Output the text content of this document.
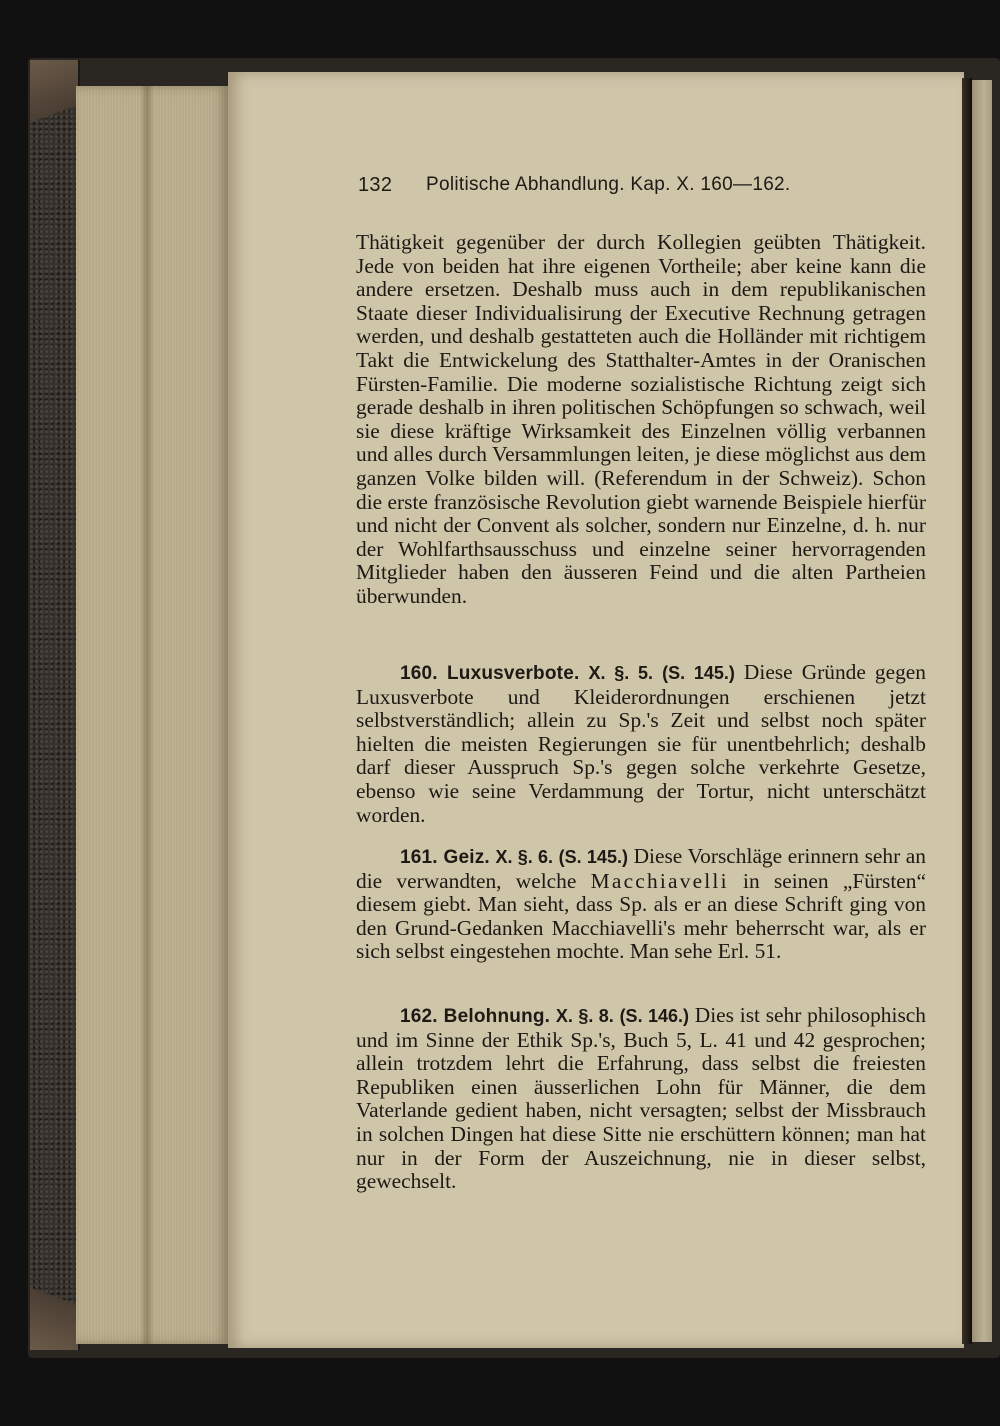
132 Politische Abhandlung. Kap. X. 160—162.
Thätigkeit gegenüber der durch Kollegien geübten Thätigkeit. Jede von beiden hat ihre eigenen Vortheile; aber keine kann die andere ersetzen. Deshalb muss auch in dem republikanischen Staate dieser Individualisirung der Executive Rechnung getragen werden, und deshalb gestatteten auch die Holländer mit richtigem Takt die Entwickelung des Statthalter-Amtes in der Oranischen Fürsten-Familie. Die moderne sozialistische Richtung zeigt sich gerade deshalb in ihren politischen Schöpfungen so schwach, weil sie diese kräftige Wirksamkeit des Einzelnen völlig verbannen und alles durch Versammlungen leiten, je diese möglichst aus dem ganzen Volke bilden will. (Referendum in der Schweiz). Schon die erste französische Revolution giebt warnende Beispiele hierfür und nicht der Convent als solcher, sondern nur Einzelne, d. h. nur der Wohlfarthsausschuss und einzelne seiner hervorragenden Mitglieder haben den äusseren Feind und die alten Partheien überwunden.
160. Luxusverbote. X. §. 5. (S. 145.) Diese Gründe gegen Luxusverbote und Kleiderordnungen erschienen jetzt selbstverständlich; allein zu Sp.'s Zeit und selbst noch später hielten die meisten Regierungen sie für unentbehrlich; deshalb darf dieser Ausspruch Sp.'s gegen solche verkehrte Gesetze, ebenso wie seine Verdammung der Tortur, nicht unterschätzt worden.
161. Geiz. X. §. 6. (S. 145.) Diese Vorschläge erinnern sehr an die verwandten, welche Macchiavelli in seinen „Fürsten“ diesem giebt. Man sieht, dass Sp. als er an diese Schrift ging von den Grund-Gedanken Macchiavelli's mehr beherrscht war, als er sich selbst eingestehen mochte. Man sehe Erl. 51.
162. Belohnung. X. §. 8. (S. 146.) Dies ist sehr philosophisch und im Sinne der Ethik Sp.'s, Buch 5, L. 41 und 42 gesprochen; allein trotzdem lehrt die Erfahrung, dass selbst die freiesten Republiken einen äusserlichen Lohn für Männer, die dem Vaterlande gedient haben, nicht versagten; selbst der Missbrauch in solchen Dingen hat diese Sitte nie erschüttern können; man hat nur in der Form der Auszeichnung, nie in dieser selbst, gewechselt.
